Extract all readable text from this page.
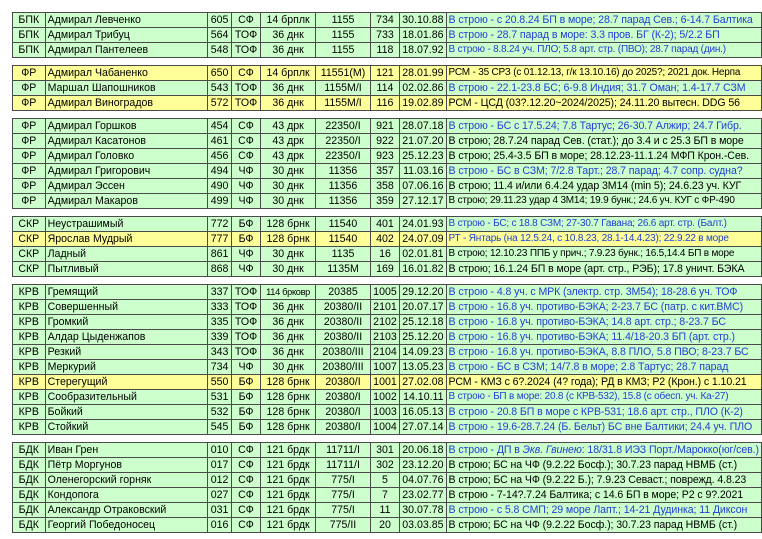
БПК	Адмирал Левченко	605	СФ	14 брплк	1155	734	30.10.88	В строю - с 20.8.24 БП в море; 28.7 парад Сев.; 6-14.7 Балтика
БПК	Адмирал Трибуц	564	ТОФ	36 днк	1155	733	18.01.86	В строю - 28.7 парад в море: 3.3 пров. БГ (К-2); 5/2.2 БП
БПК	Адмирал Пантелеев	548	ТОФ	36 днк	1155	118	18.07.92	В строю - 8.8.24 уч. ПЛО; 5.8 арт. стр. (ПВО); 28.7 парад (дин.)

ФР	Адмирал Чабаненко	650	СФ	14 брплк	11551(М)	121	28.01.99	РСМ - 35 СРЗ (с 01.12.13, г/к 13.10.16) до 2025?; 2021 док. Нерпа
ФР	Маршал Шапошников	543	ТОФ	36 днк	1155М/I	114	02.02.86	В строю - 22.1-23.8 БС; 6-9.8 Индия; 31.7 Оман; 1.4-17.7 СЗМ
ФР	Адмирал Виноградов	572	ТОФ	36 днк	1155М/I	116	19.02.89	РСМ - ЦСД (03?.12.20~2024/2025); 24.11.20 вытесн. DDG 56

ФР	Адмирал Горшков	454	СФ	43 дрк	22350/I	921	28.07.18	В строю - БС с 17.5.24; 7.8 Тартус; 26-30.7 Алжир; 24.7 Гибр.
ФР	Адмирал Касатонов	461	СФ	43 дрк	22350/I	922	21.07.20	В строю; 28.7.24 парад Сев. (стат.); до 3.4 и с 25.3 БП в море
ФР	Адмирал Головко	456	СФ	43 дрк	22350/I	923	25.12.23	В строю; 25.4-3.5 БП в море; 28.12.23-11.1.24 МФП Крон.-Сев.
ФР	Адмирал Григорович	494	ЧФ	30 днк	11356	357	11.03.16	В строю - БС в СЗМ; 7/2.8 Тарт.; 28.7 парад; 4.7 сопр. судна?
ФР	Адмирал Эссен	490	ЧФ	30 днк	11356	358	07.06.16	В строю; 11.4 и/или 6.4.24 удар 3М14 (min 5); 24.6.23 уч. КУГ
ФР	Адмирал Макаров	499	ЧФ	30 днк	11356	359	27.12.17	В строю; 29.11.23 удар 4 3М14; 19.9 бунк.; 24.6 уч. КУГ с ФР-490

СКР	Неустрашимый	772	БФ	128 брнк	11540	401	24.01.93	В строю - БС; с 18.8 СЗМ; 27-30.7 Гавана; 26.6 арт. стр. (Балт.)
СКР	Ярослав Мудрый	777	БФ	128 брнк	11540	402	24.07.09	РТ - Янтарь (на 12.5.24, с 10.8.23, 28.1-14.4.23); 22.9.22 в море
СКР	Ладный	861	ЧФ	30 днк	1135	16	02.01.81	В строю; 12.10.23 ППБ у прич.; 7.9.23 бунк.; 16.5,14.4 БП в море
СКР	Пытливый	868	ЧФ	30 днк	1135М	169	16.01.82	В строю; 16.1.24 БП в море (арт. стр., РЭБ); 17.8 уничт. БЭКА

КРВ	Гремящий	337	ТОФ	114 брковр	20385	1005	29.12.20	В строю - 4.8 уч. с МРК (электр. стр. 3М54); 18-28.6 уч. ТОФ
КРВ	Совершенный	333	ТОФ	36 днк	20380/II	2101	20.07.17	В строю - 16.8 уч. противо-БЭКА; 2-23.7 БС (патр. с кит.ВМС)
КРВ	Громкий	335	ТОФ	36 днк	20380/II	2102	25.12.18	В строю - 16.8 уч. противо-БЭКА; 14.8 арт. стр.; 8-23.7 БС
КРВ	Алдар Цыденжапов	339	ТОФ	36 днк	20380/II	2103	25.12.20	В строю - 16.8 уч. противо-БЭКА; 11.4/18-20.3 БП (арт. стр.)
КРВ	Резкий	343	ТОФ	36 днк	20380/III	2104	14.09.23	В строю - 16.8 уч. противо-БЭКА, 8.8 ПЛО, 5.8 ПВО; 8-23.7 БС
КРВ	Меркурий	734	ЧФ	30 днк	20380/III	1007	13.05.23	В строю - БС в СЗМ; 14/7.8 в море; 2.8 Тартус; 28.7 парад
КРВ	Стерегущий	550	БФ	128 брнк	20380/I	1001	27.02.08	РСМ - КМЗ с 6?.2024 (4? года); РД в КМЗ; Р2 (Крон.) с 1.10.21
КРВ	Сообразительный	531	БФ	128 брнк	20380/I	1002	14.10.11	В строю - БП в море: 20.8 (с КРВ-532), 15.8 (с обесп. уч. Ка-27)
КРВ	Бойкий	532	БФ	128 брнк	20380/I	1003	16.05.13	В строю - 20.8 БП в море с КРВ-531; 18.6 арт. стр., ПЛО (К-2)
КРВ	Стойкий	545	БФ	128 брнк	20380/I	1004	27.07.14	В строю - 19.6-28.7.24 (Б. Бельт) БС вне Балтики; 24.4 уч. ПЛО

БДК	Иван Грен	010	СФ	121 брдк	11711/I	301	20.06.18	В строю - ДП в Экв. Гвинею: 18/31.8 ИЭЗ Порт./Марокко(юг/сев.)
БДК	Пётр Моргунов	017	СФ	121 брдк	11711/I	302	23.12.20	В строю; БС на ЧФ (9.2.22 Босф.); 30.7.23 парад НВМБ (ст.)
БДК	Оленегорский горняк	012	СФ	121 брдк	775/I	5	04.07.76	В строю; БС на ЧФ (9.2.22 Б.); 7.9.23 Севаст.; поврежд. 4.8.23
БДК	Кондопога	027	СФ	121 брдк	775/I	7	23.02.77	В строю - 7-14?.7.24 Балтика; с 14.6 БП в море; Р2 с 9?.2021
БДК	Александр Отраковский	031	СФ	121 брдк	775/I	11	30.07.78	В строю - с 5.8 СМП; 29 море Лапт.; 14-21 Дудинка; 11 Диксон
БДК	Георгий Победоносец	016	СФ	121 брдк	775/II	20	03.03.85	В строю; БС на ЧФ (9.2.22 Босф.); 30.7.23 парад НВМБ (ст.)
